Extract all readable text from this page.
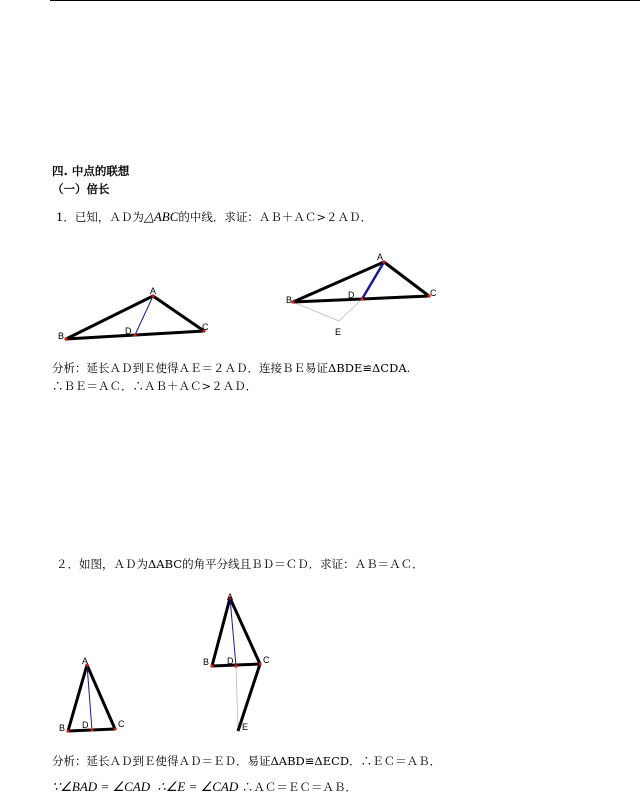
四. 中点的联想
（一）倍长
1．已知，ＡＤ为△ABC的中线．求证：ＡＢ＋ＡＣ>２ＡＤ．
A
B
C
D
A
B
C
D
E
A
B	C
D
A
B	C
D
E
分析：延长ＡＤ到Ｅ使得ＡＥ＝２ＡＤ．连接ＢＥ易证ΔBDE≌ΔCDA.
∴ＢＥ＝ＡＣ．∴ＡＢ＋ＡＣ>２ＡＤ．
２．如图，ＡＤ为ΔABC的角平分线且ＢＤ＝ＣＤ．求证：ＡＢ＝ＡＣ．
分析：延长ＡＤ到Ｅ使得ＡＤ＝ＥＤ．易证ΔABD≌ΔECD．∴ＥＣ＝ＡＢ．
∵∠BAD = ∠CAD ∴∠E = ∠CAD ∴ＡＣ＝ＥＣ＝ＡＢ．
